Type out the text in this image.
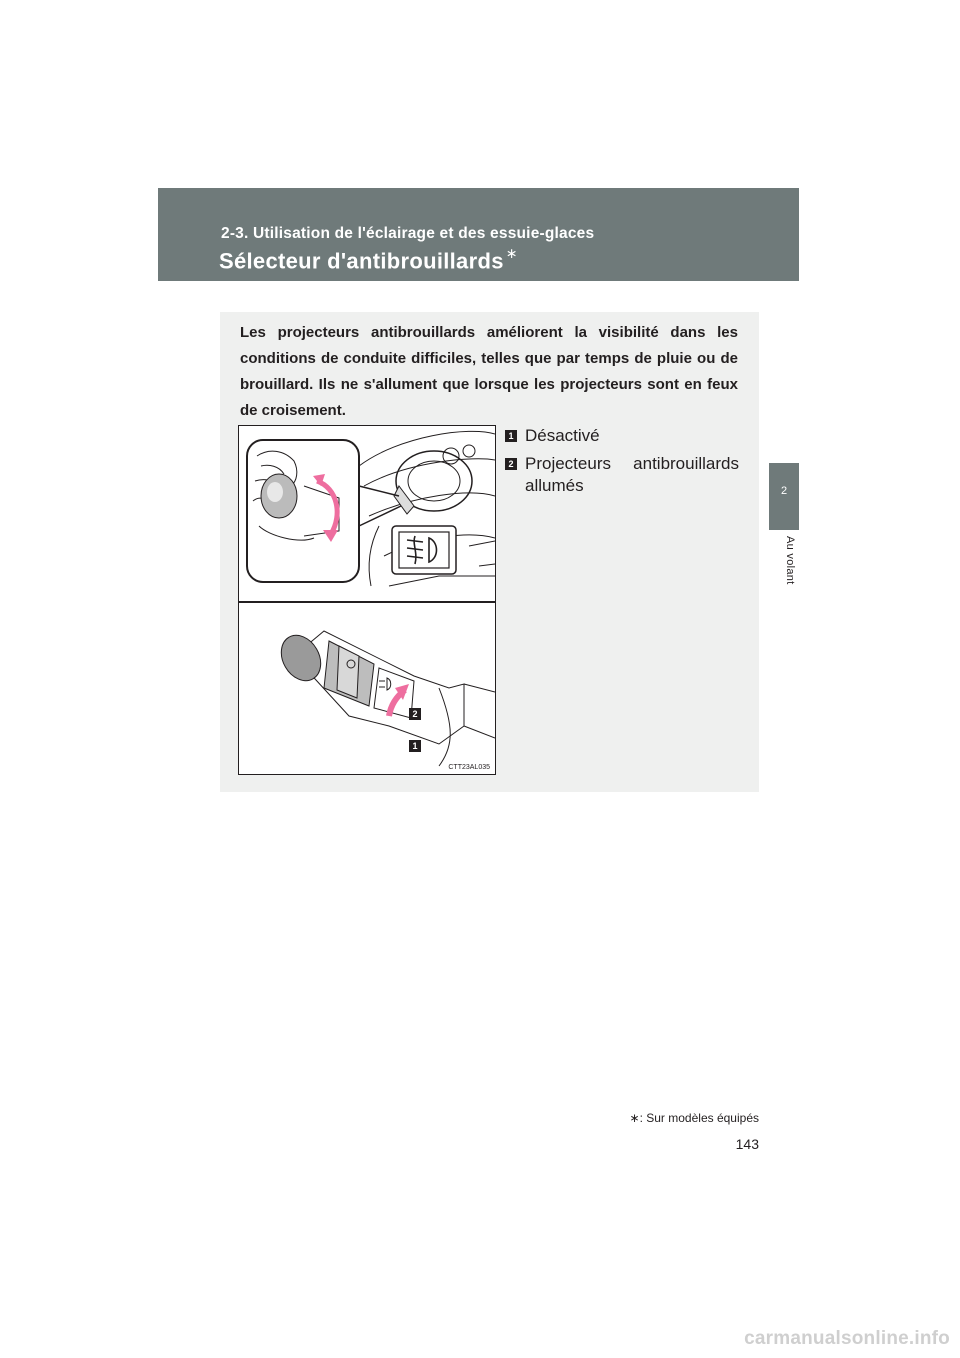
2-3. Utilisation de l'éclairage et des essuie-glaces
Sélecteur d'antibrouillards ∗
2
Au volant

Les projecteurs antibrouillards améliorent la visibilité dans les conditions de conduite difficiles, telles que par temps de pluie ou de brouillard. Ils ne s'allument que lorsque les projecteurs sont en feux de croisement.

2
1
CTT23AL035
1 Désactivé
2 Projecteurs antibrouillards allumés
∗: Sur modèles équipés
143
carmanualsonline.info
